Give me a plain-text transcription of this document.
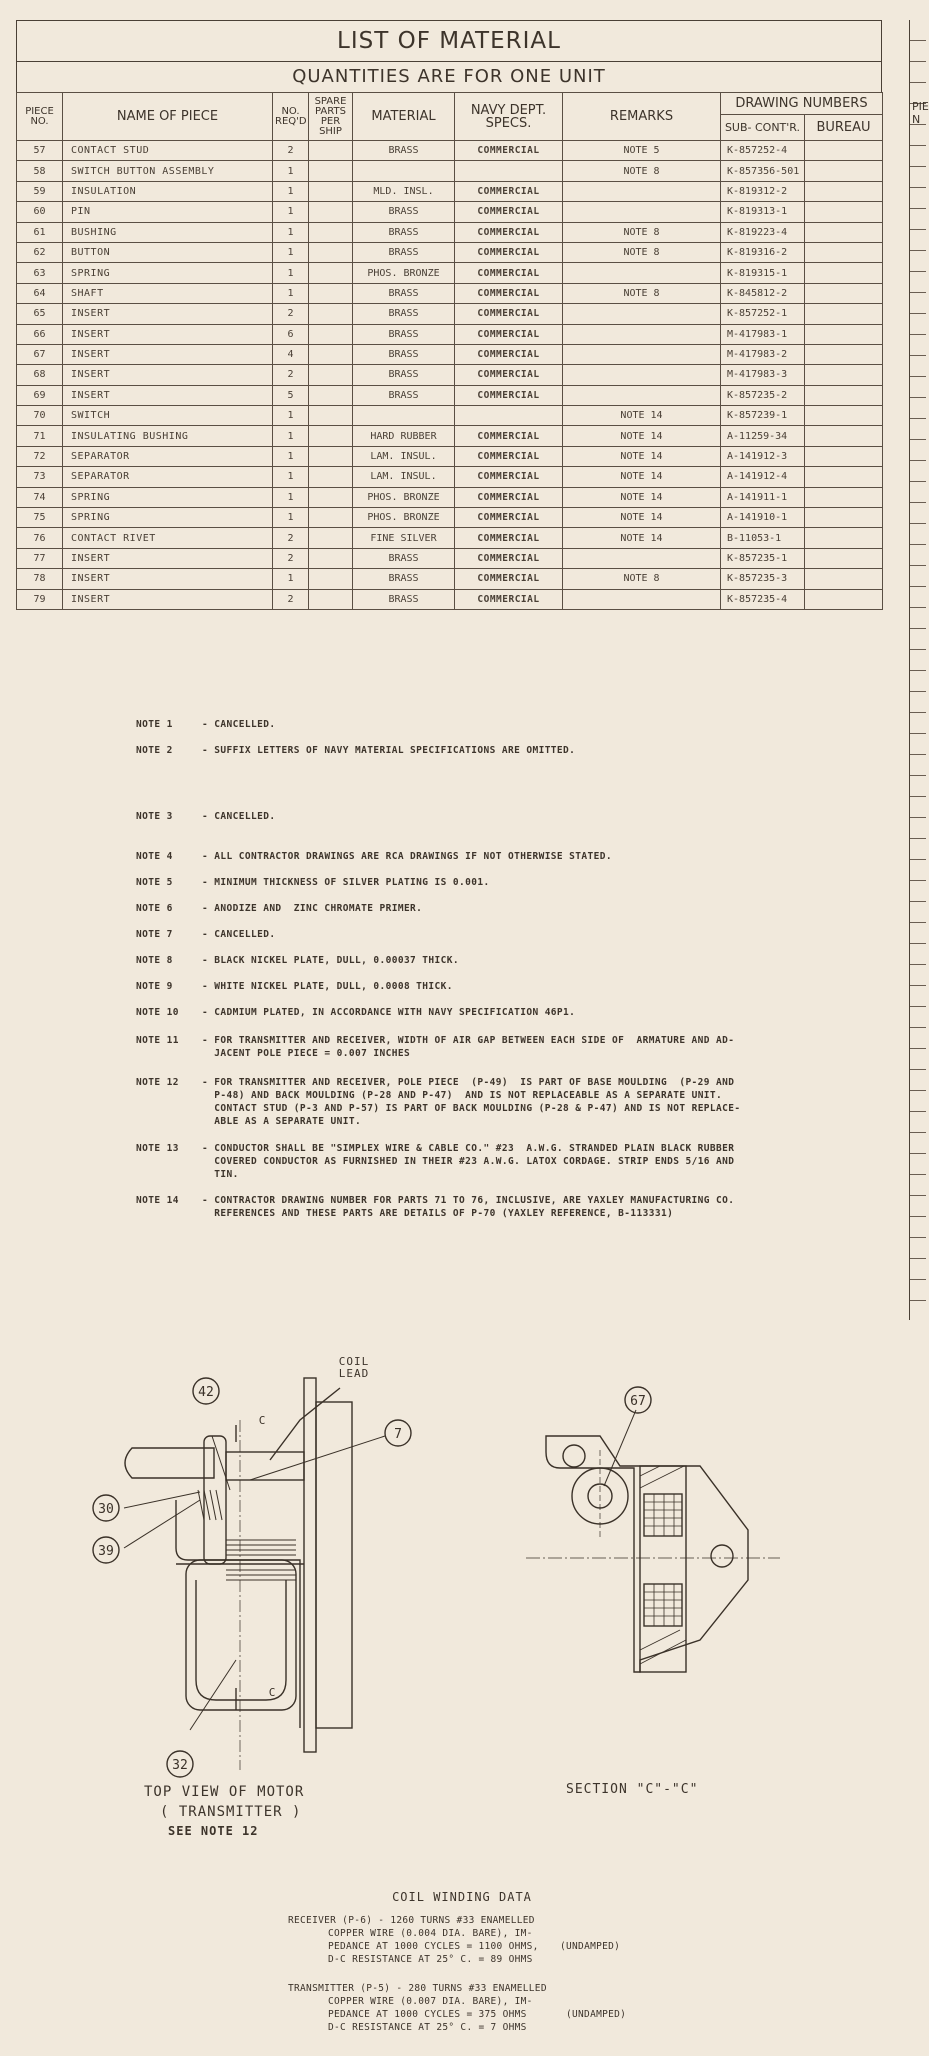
LIST OF MATERIAL
QUANTITIES ARE FOR ONE UNIT
PIECE NO.	NAME OF PIECE	NO. REQ'D	SPARE PARTS PER SHIP	MATERIAL	NAVY DEPT. SPECS.	REMARKS	DRAWING NUMBERS	
							SUB- CONT'R.	BUREAU
57	CONTACT STUD	2		BRASS	COMMERCIAL	NOTE 5	K-857252-4	
58	SWITCH BUTTON ASSEMBLY	1				NOTE 8	K-857356-501	
59	INSULATION	1		MLD. INSL.	COMMERCIAL		K-819312-2	
60	PIN	1		BRASS	COMMERCIAL		K-819313-1	
61	BUSHING	1		BRASS	COMMERCIAL	NOTE 8	K-819223-4	
62	BUTTON	1		BRASS	COMMERCIAL	NOTE 8	K-819316-2	
63	SPRING	1		PHOS. BRONZE	COMMERCIAL		K-819315-1	
64	SHAFT	1		BRASS	COMMERCIAL	NOTE 8	K-845812-2	
65	INSERT	2		BRASS	COMMERCIAL		K-857252-1	
66	INSERT	6		BRASS	COMMERCIAL		M-417983-1	
67	INSERT	4		BRASS	COMMERCIAL		M-417983-2	
68	INSERT	2		BRASS	COMMERCIAL		M-417983-3	
69	INSERT	5		BRASS	COMMERCIAL		K-857235-2	
70	SWITCH	1				NOTE 14	K-857239-1	
71	INSULATING BUSHING	1		HARD RUBBER	COMMERCIAL	NOTE 14	A-11259-34	
72	SEPARATOR	1		LAM. INSUL.	COMMERCIAL	NOTE 14	A-141912-3	
73	SEPARATOR	1		LAM. INSUL.	COMMERCIAL	NOTE 14	A-141912-4	
74	SPRING	1		PHOS. BRONZE	COMMERCIAL	NOTE 14	A-141911-1	
75	SPRING	1		PHOS. BRONZE	COMMERCIAL	NOTE 14	A-141910-1	
76	CONTACT RIVET	2		FINE SILVER	COMMERCIAL	NOTE 14	B-11053-1	
77	INSERT	2		BRASS	COMMERCIAL		K-857235-1	
78	INSERT	1		BRASS	COMMERCIAL	NOTE 8	K-857235-3	
79	INSERT	2		BRASS	COMMERCIAL		K-857235-4	
PIE N
NOTE 1	- CANCELLED.
NOTE 2	- SUFFIX LETTERS OF NAVY MATERIAL SPECIFICATIONS ARE OMITTED.
NOTE 3	- CANCELLED.
NOTE 4	- ALL CONTRACTOR DRAWINGS ARE RCA DRAWINGS IF NOT OTHERWISE STATED.
NOTE 5	- MINIMUM THICKNESS OF SILVER PLATING IS 0.001.
NOTE 6	- ANODIZE AND  ZINC CHROMATE PRIMER.
NOTE 7	- CANCELLED.
NOTE 8	- BLACK NICKEL PLATE, DULL, 0.00037 THICK.
NOTE 9	- WHITE NICKEL PLATE, DULL, 0.0008 THICK.
NOTE 10 - CADMIUM PLATED, IN ACCORDANCE WITH NAVY SPECIFICATION 46P1.
NOTE 11 - FOR TRANSMITTER AND RECEIVER, WIDTH OF AIR GAP BETWEEN EACH SIDE OF  ARMATURE AND AD-
JACENT POLE PIECE = 0.007 INCHES
NOTE 12 - FOR TRANSMITTER AND RECEIVER, POLE PIECE  (P-49)  IS PART OF BASE MOULDING  (P-29 AND
P-48) AND BACK MOULDING (P-28 AND P-47)  AND IS NOT REPLACEABLE AS A SEPARATE UNIT.
CONTACT STUD (P-3 AND P-57) IS PART OF BACK MOULDING (P-28 & P-47) AND IS NOT REPLACE-
ABLE AS A SEPARATE UNIT.
NOTE 13 - CONDUCTOR SHALL BE "SIMPLEX WIRE & CABLE CO." #23  A.W.G. STRANDED PLAIN BLACK RUBBER
COVERED CONDUCTOR AS FURNISHED IN THEIR #23 A.W.G. LATOX CORDAGE. STRIP ENDS 5/16 AND
TIN.
NOTE 14 - CONTRACTOR DRAWING NUMBER FOR PARTS 71 TO 76, INCLUSIVE, ARE YAXLEY MANUFACTURING CO.
REFERENCES AND THESE PARTS ARE DETAILS OF P-70 (YAXLEY REFERENCE, B-113331)
42
7
30
39
32
67
C
C
COIL LEAD
TOP VIEW OF MOTOR
( TRANSMITTER )
SEE NOTE 12
SECTION "C"-"C"
COIL WINDING DATA
RECEIVER (P-6) - 1260 TURNS #33 ENAMELLED
COPPER WIRE (0.004 DIA. BARE), IM-
PEDANCE AT 1000 CYCLES = 1100 OHMS,
D-C RESISTANCE AT 25° C. = 89 OHMS
(UNDAMPED)
TRANSMITTER (P-5) - 280 TURNS #33 ENAMELLED
COPPER WIRE (0.007 DIA. BARE), IM-
PEDANCE AT 1000 CYCLES = 375 OHMS
D-C RESISTANCE AT 25° C. = 7 OHMS
(UNDAMPED)
